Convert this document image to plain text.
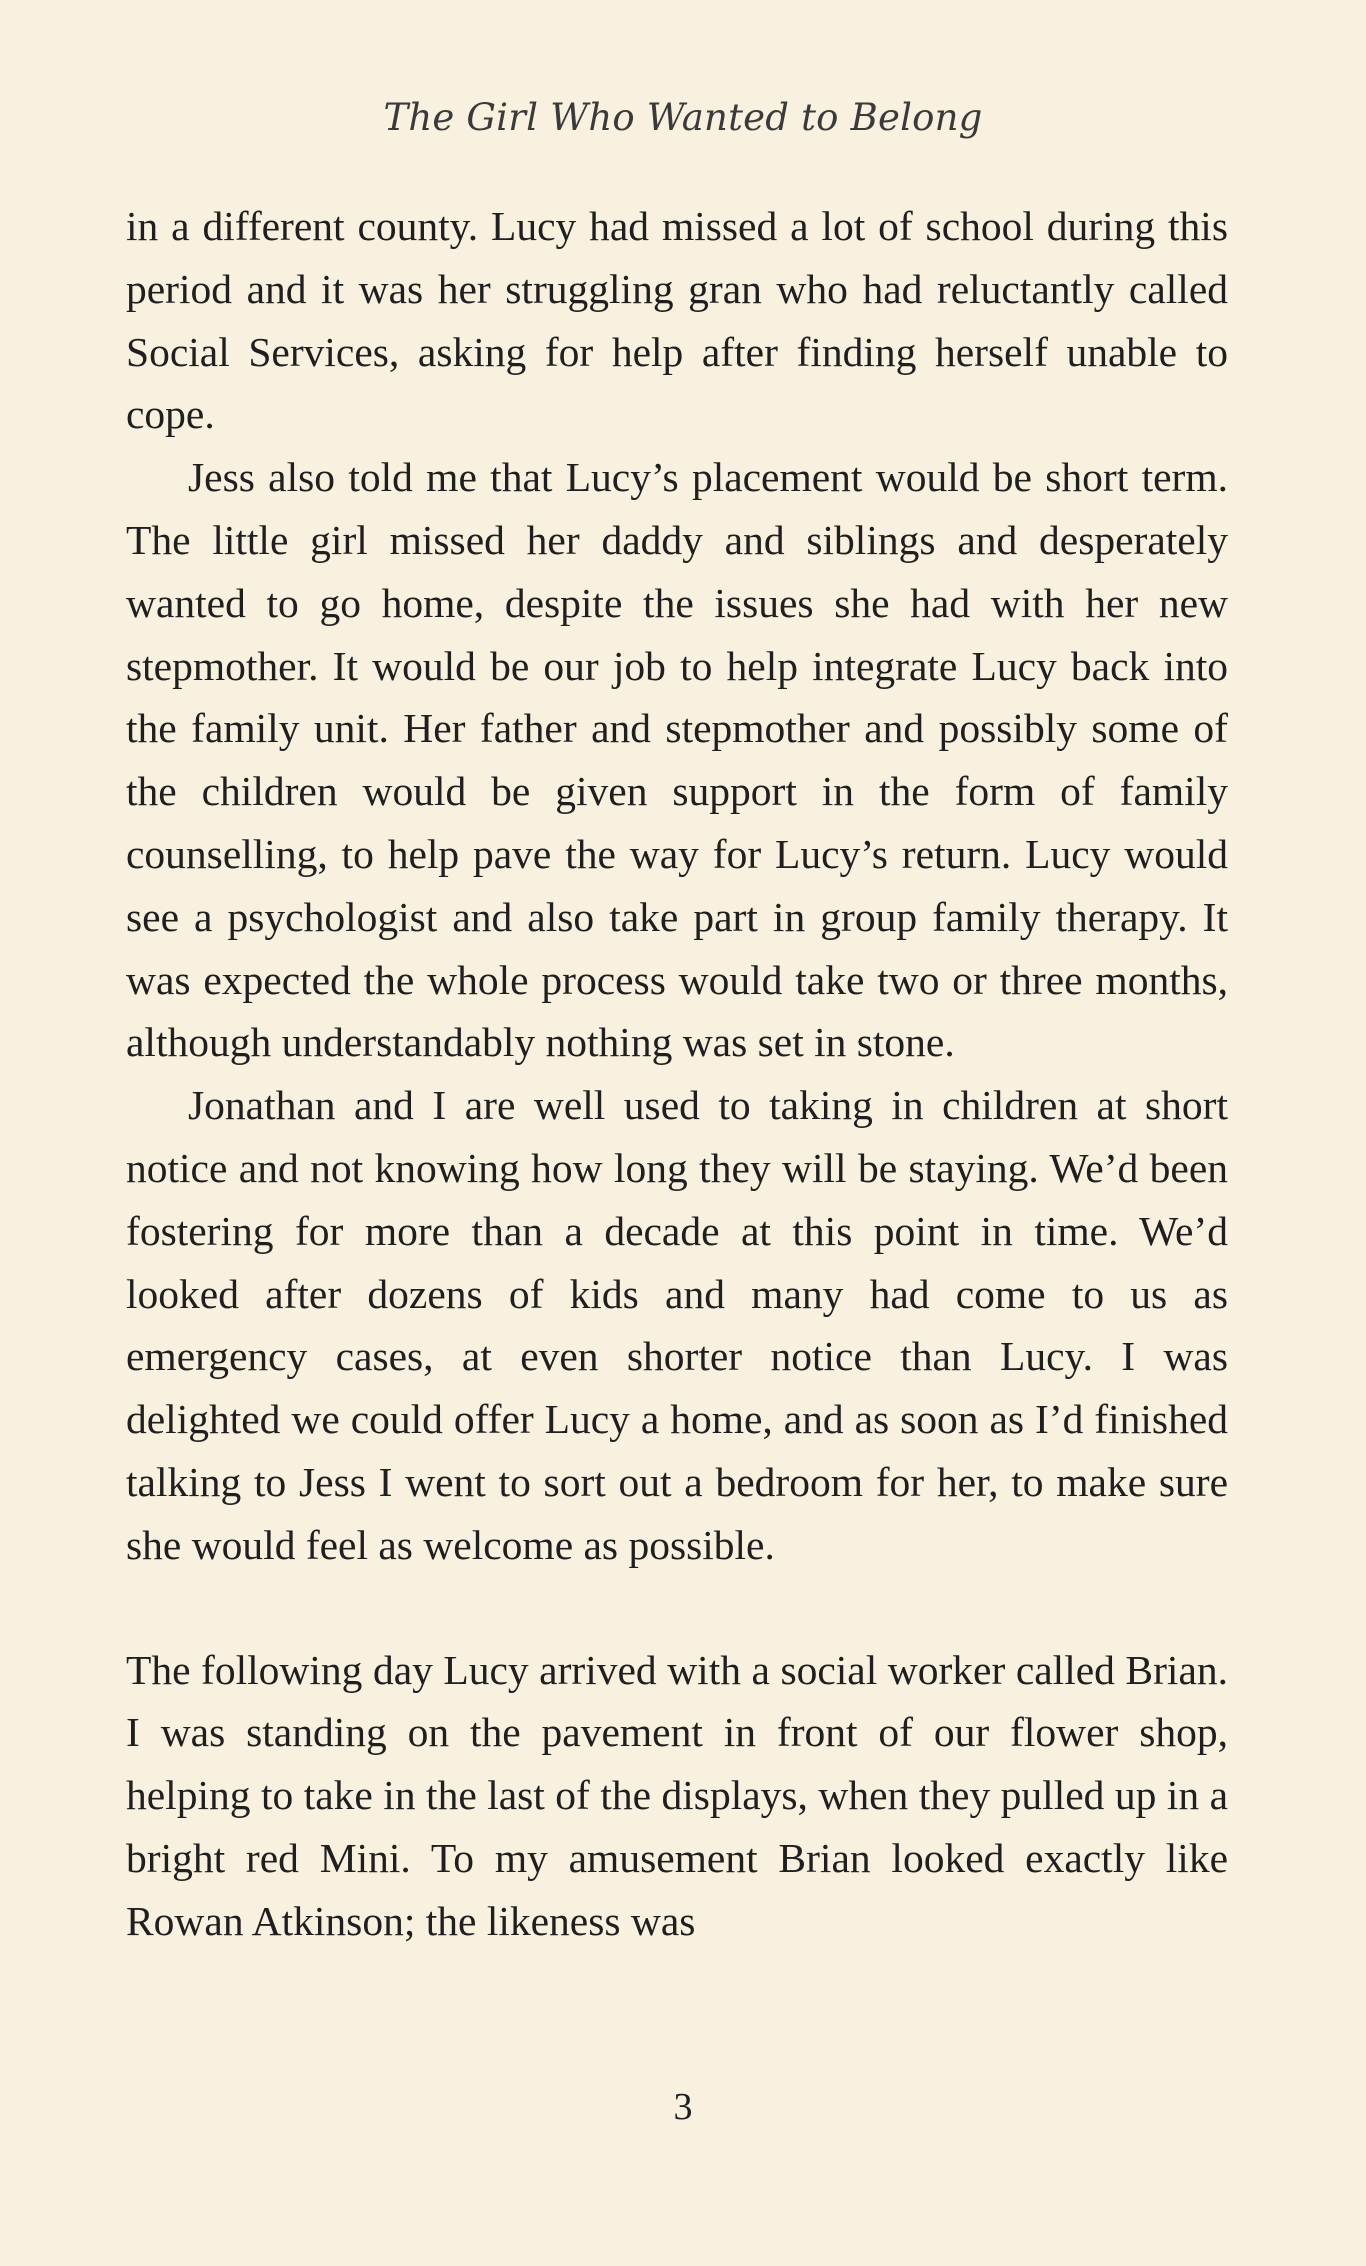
The Girl Who Wanted to Belong

in a different county. Lucy had missed a lot of school during this period and it was her struggling gran who had reluctantly called Social Services, asking for help after finding herself unable to cope.

Jess also told me that Lucy’s placement would be short term. The little girl missed her daddy and siblings and desperately wanted to go home, despite the issues she had with her new stepmother. It would be our job to help integrate Lucy back into the family unit. Her father and stepmother and possibly some of the children would be given support in the form of family counselling, to help pave the way for Lucy’s return. Lucy would see a psychologist and also take part in group family therapy. It was expected the whole process would take two or three months, although understandably nothing was set in stone.

Jonathan and I are well used to taking in children at short notice and not knowing how long they will be staying. We’d been fostering for more than a decade at this point in time. We’d looked after dozens of kids and many had come to us as emergency cases, at even shorter notice than Lucy. I was delighted we could offer Lucy a home, and as soon as I’d finished talking to Jess I went to sort out a bedroom for her, to make sure she would feel as welcome as possible.

The following day Lucy arrived with a social worker called Brian. I was standing on the pavement in front of our flower shop, helping to take in the last of the displays, when they pulled up in a bright red Mini. To my amusement Brian looked exactly like Rowan Atkinson; the likeness was

3
